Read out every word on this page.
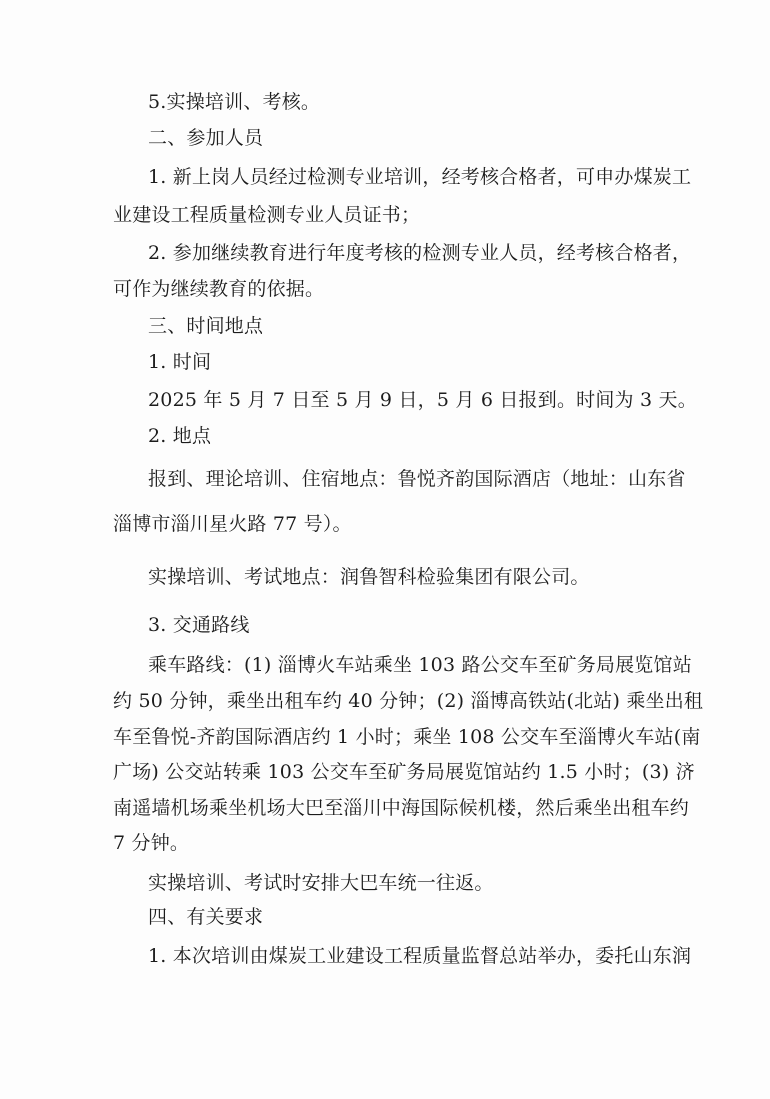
5.实操培训、考核。
二、参加人员
1. 新上岗人员经过检测专业培训，经考核合格者，可申办煤炭工
业建设工程质量检测专业人员证书；
2. 参加继续教育进行年度考核的检测专业人员，经考核合格者，
可作为继续教育的依据。
三、时间地点
1. 时间
2025 年 5 月 7 日至 5 月 9 日，5 月 6 日报到。时间为 3 天。
2. 地点
报到、理论培训、住宿地点：鲁悦齐韵国际酒店（地址：山东省
淄博市淄川星火路 77 号）。
实操培训、考试地点：润鲁智科检验集团有限公司。
3. 交通路线
乘车路线：(1) 淄博火车站乘坐 103 路公交车至矿务局展览馆站
约 50 分钟，乘坐出租车约 40 分钟；(2) 淄博高铁站(北站) 乘坐出租
车至鲁悦-齐韵国际酒店约 1 小时；乘坐 108 公交车至淄博火车站(南
广场) 公交站转乘 103 公交车至矿务局展览馆站约 1.5 小时；(3) 济
南遥墙机场乘坐机场大巴至淄川中海国际候机楼，然后乘坐出租车约
7 分钟。
实操培训、考试时安排大巴车统一往返。
四、有关要求
1. 本次培训由煤炭工业建设工程质量监督总站举办，委托山东润
